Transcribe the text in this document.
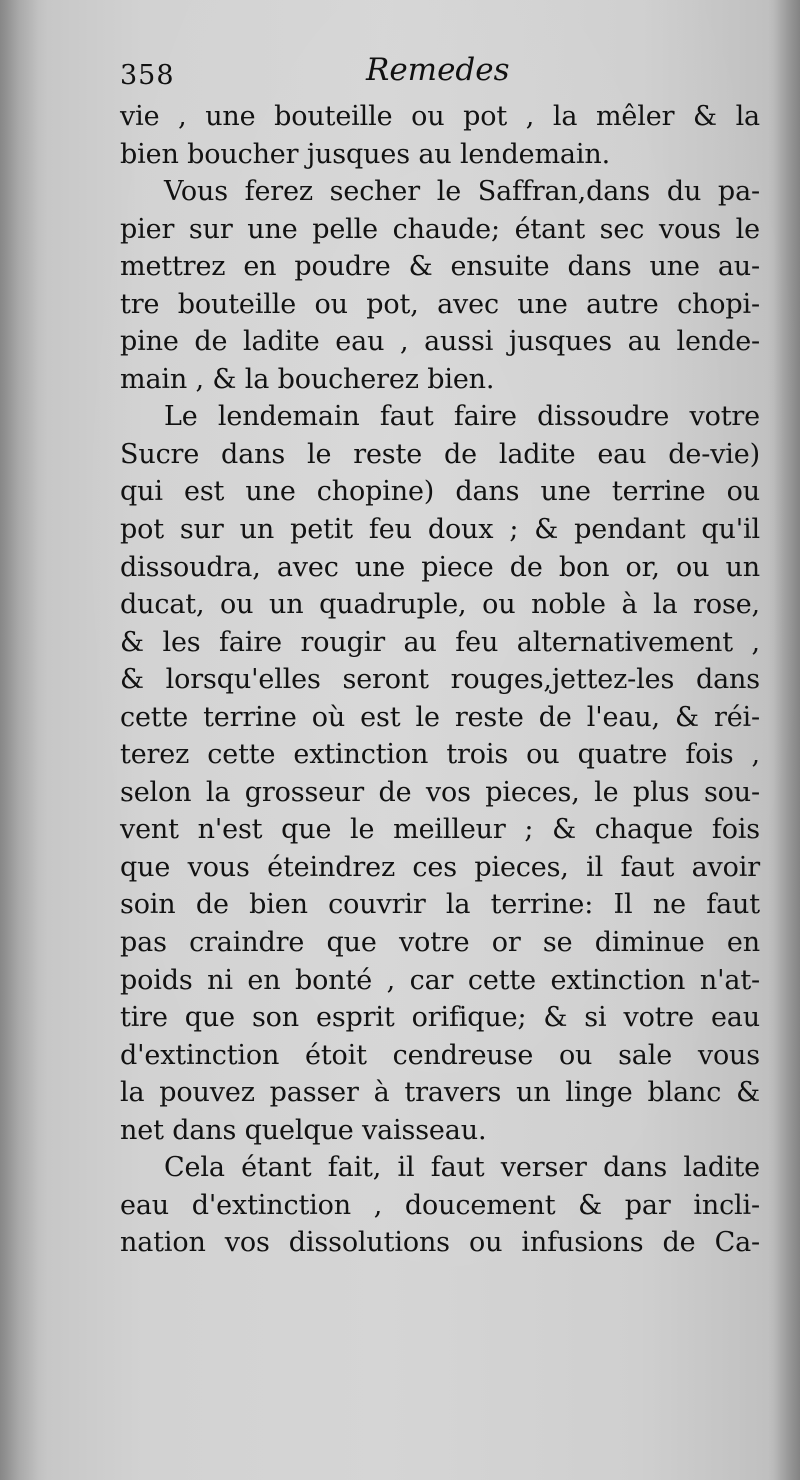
358	Remedes
vie , une bouteille ou pot , la mêler & la
bien boucher jusques au lendemain.
Vous ferez secher le Saffran,dans du pa-
pier sur une pelle chaude; étant sec vous le
mettrez en poudre & ensuite dans une au-
tre bouteille ou pot, avec une autre chopi-
pine de ladite eau , aussi jusques au lende-
main , & la boucherez bien.
Le lendemain faut faire dissoudre votre
Sucre dans le reste de ladite eau de-vie)
qui est une chopine) dans une terrine ou
pot sur un petit feu doux ; & pendant qu'il
dissoudra, avec une piece de bon or, ou un
ducat, ou un quadruple, ou noble à la rose,
& les faire rougir au feu alternativement ,
& lorsqu'elles seront rouges,jettez-les dans
cette terrine où est le reste de l'eau, & réi-
terez cette extinction trois ou quatre fois ,
selon la grosseur de vos pieces, le plus sou-
vent n'est que le meilleur ; & chaque fois
que vous éteindrez ces pieces, il faut avoir
soin de bien couvrir la terrine: Il ne faut
pas craindre que votre or se diminue en
poids ni en bonté , car cette extinction n'at-
tire que son esprit orifique; & si votre eau
d'extinction étoit cendreuse ou sale vous
la pouvez passer à travers un linge blanc &
net dans quelque vaisseau.
Cela étant fait, il faut verser dans ladite
eau d'extinction , doucement & par incli-
nation vos dissolutions ou infusions de Ca-
